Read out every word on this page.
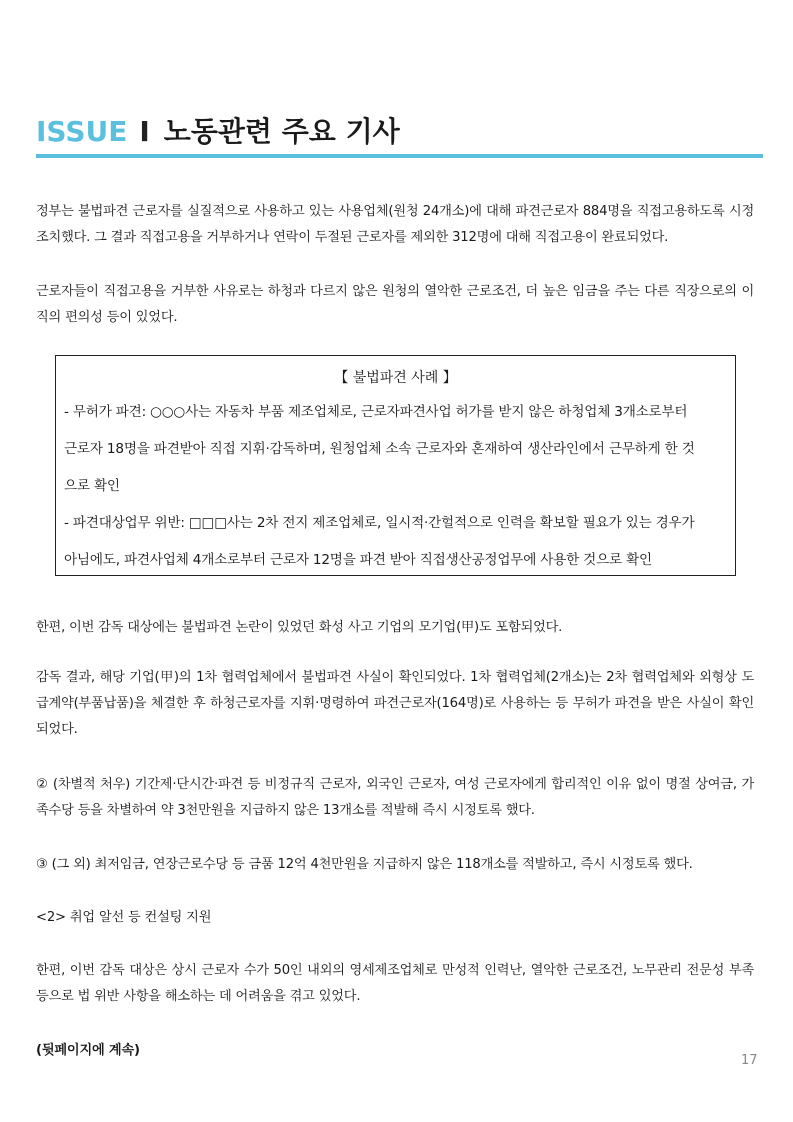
ISSUE I 노동관련 주요 기사

정부는 불법파견 근로자를 실질적으로 사용하고 있는 사용업체(원청 24개소)에 대해 파견근로자 884명을 직접고용하도록 시정조치했다. 그 결과 직접고용을 거부하거나 연락이 두절된 근로자를 제외한 312명에 대해 직접고용이 완료되었다.

근로자들이 직접고용을 거부한 사유로는 하청과 다르지 않은 원청의 열악한 근로조건, 더 높은 임금을 주는 다른 직장으로의 이직의 편의성 등이 있었다.

【 불법파견 사례 】
- 무허가 파견: ○○○사는 자동차 부품 제조업체로, 근로자파견사업 허가를 받지 않은 하청업체 3개소로부터
근로자 18명을 파견받아 직접 지휘·감독하며, 원청업체 소속 근로자와 혼재하여 생산라인에서 근무하게 한 것
으로 확인
- 파견대상업무 위반: □□□사는 2차 전지 제조업체로, 일시적·간헐적으로 인력을 확보할 필요가 있는 경우가
아님에도, 파견사업체 4개소로부터 근로자 12명을 파견 받아 직접생산공정업무에 사용한 것으로 확인

한편, 이번 감독 대상에는 불법파견 논란이 있었던 화성 사고 기업의 모기업(甲)도 포함되었다.

감독 결과, 해당 기업(甲)의 1차 협력업체에서 불법파견 사실이 확인되었다. 1차 협력업체(2개소)는 2차 협력업체와 외형상 도급계약(부품납품)을 체결한 후 하청근로자를 지휘·명령하여 파견근로자(164명)로 사용하는 등 무허가 파견을 받은 사실이 확인되었다.

② (차별적 처우) 기간제·단시간·파견 등 비정규직 근로자, 외국인 근로자, 여성 근로자에게 합리적인 이유 없이 명절 상여금, 가족수당 등을 차별하여 약 3천만원을 지급하지 않은 13개소를 적발해 즉시 시정토록 했다.

③ (그 외) 최저임금, 연장근로수당 등 금품 12억 4천만원을 지급하지 않은 118개소를 적발하고, 즉시 시정토록 했다.

<2> 취업 알선 등 컨설팅 지원

한편, 이번 감독 대상은 상시 근로자 수가 50인 내외의 영세제조업체로 만성적 인력난, 열악한 근로조건, 노무관리 전문성 부족 등으로 법 위반 사항을 해소하는 데 어려움을 겪고 있었다.

(뒷페이지에 계속)

17
